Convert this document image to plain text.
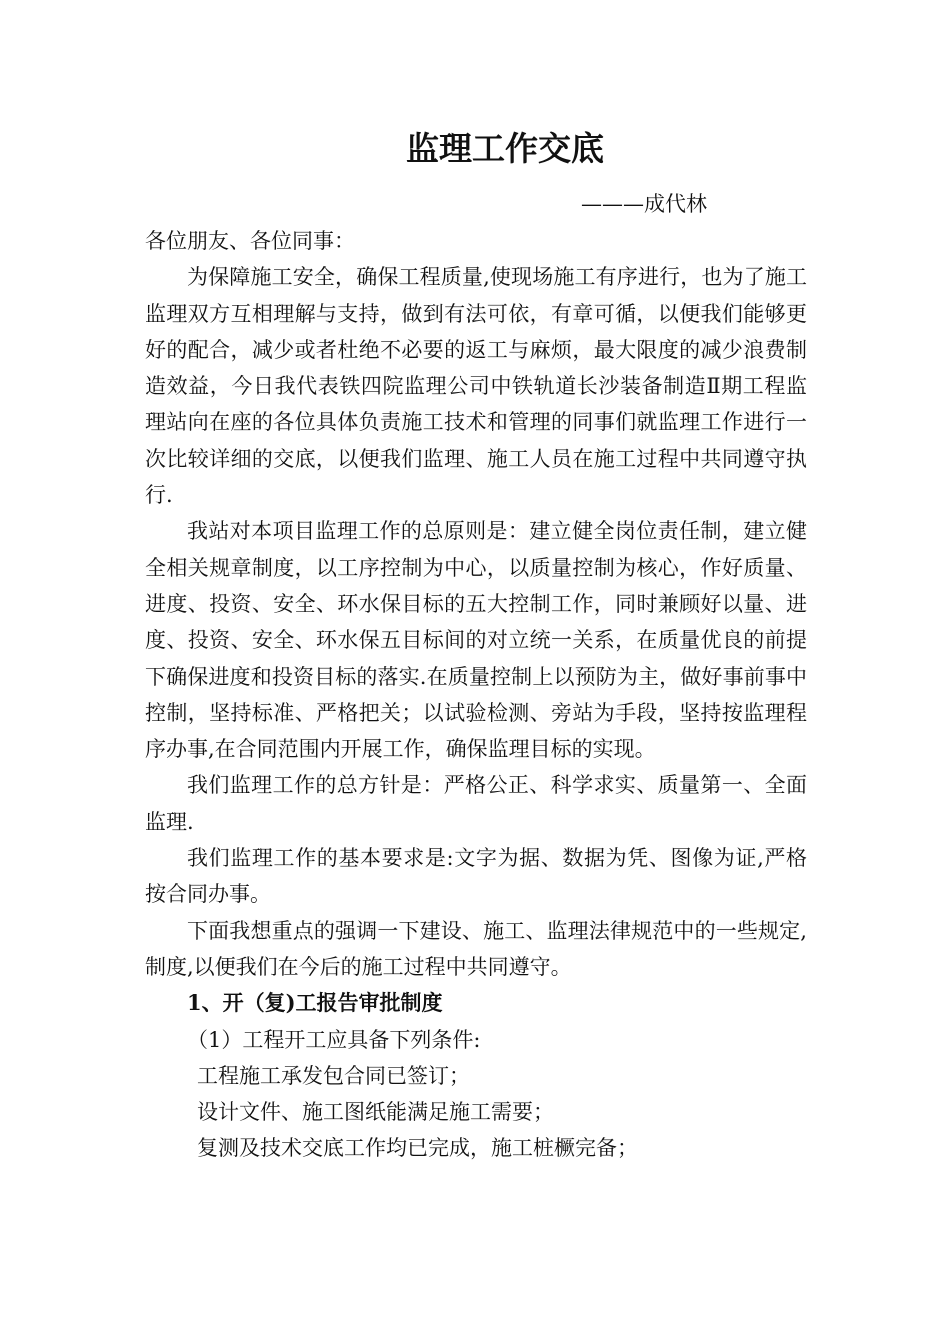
监理工作交底
———成代林

各位朋友、各位同事：

为保障施工安全，确保工程质量,使现场施工有序进行，也为了施工监理双方互相理解与支持，做到有法可依，有章可循，以便我们能够更好的配合，减少或者杜绝不必要的返工与麻烦，最大限度的减少浪费制造效益，今日我代表铁四院监理公司中铁轨道长沙装备制造Ⅱ期工程监理站向在座的各位具体负责施工技术和管理的同事们就监理工作进行一次比较详细的交底，以便我们监理、施工人员在施工过程中共同遵守执行.

我站对本项目监理工作的总原则是：建立健全岗位责任制，建立健全相关规章制度，以工序控制为中心，以质量控制为核心，作好质量、进度、投资、安全、环水保目标的五大控制工作，同时兼顾好以量、进度、投资、安全、环水保五目标间的对立统一关系，在质量优良的前提下确保进度和投资目标的落实.在质量控制上以预防为主，做好事前事中控制，坚持标准、严格把关；以试验检测、旁站为手段，坚持按监理程序办事,在合同范围内开展工作，确保监理目标的实现。

我们监理工作的总方针是：严格公正、科学求实、质量第一、全面监理.

我们监理工作的基本要求是:文字为据、数据为凭、图像为证,严格按合同办事。

下面我想重点的强调一下建设、施工、监理法律规范中的一些规定,制度,以便我们在今后的施工过程中共同遵守。

1、开（复)工报告审批制度

（1）工程开工应具备下列条件:

工程施工承发包合同已签订；

设计文件、施工图纸能满足施工需要；

复测及技术交底工作均已完成，施工桩橛完备；
